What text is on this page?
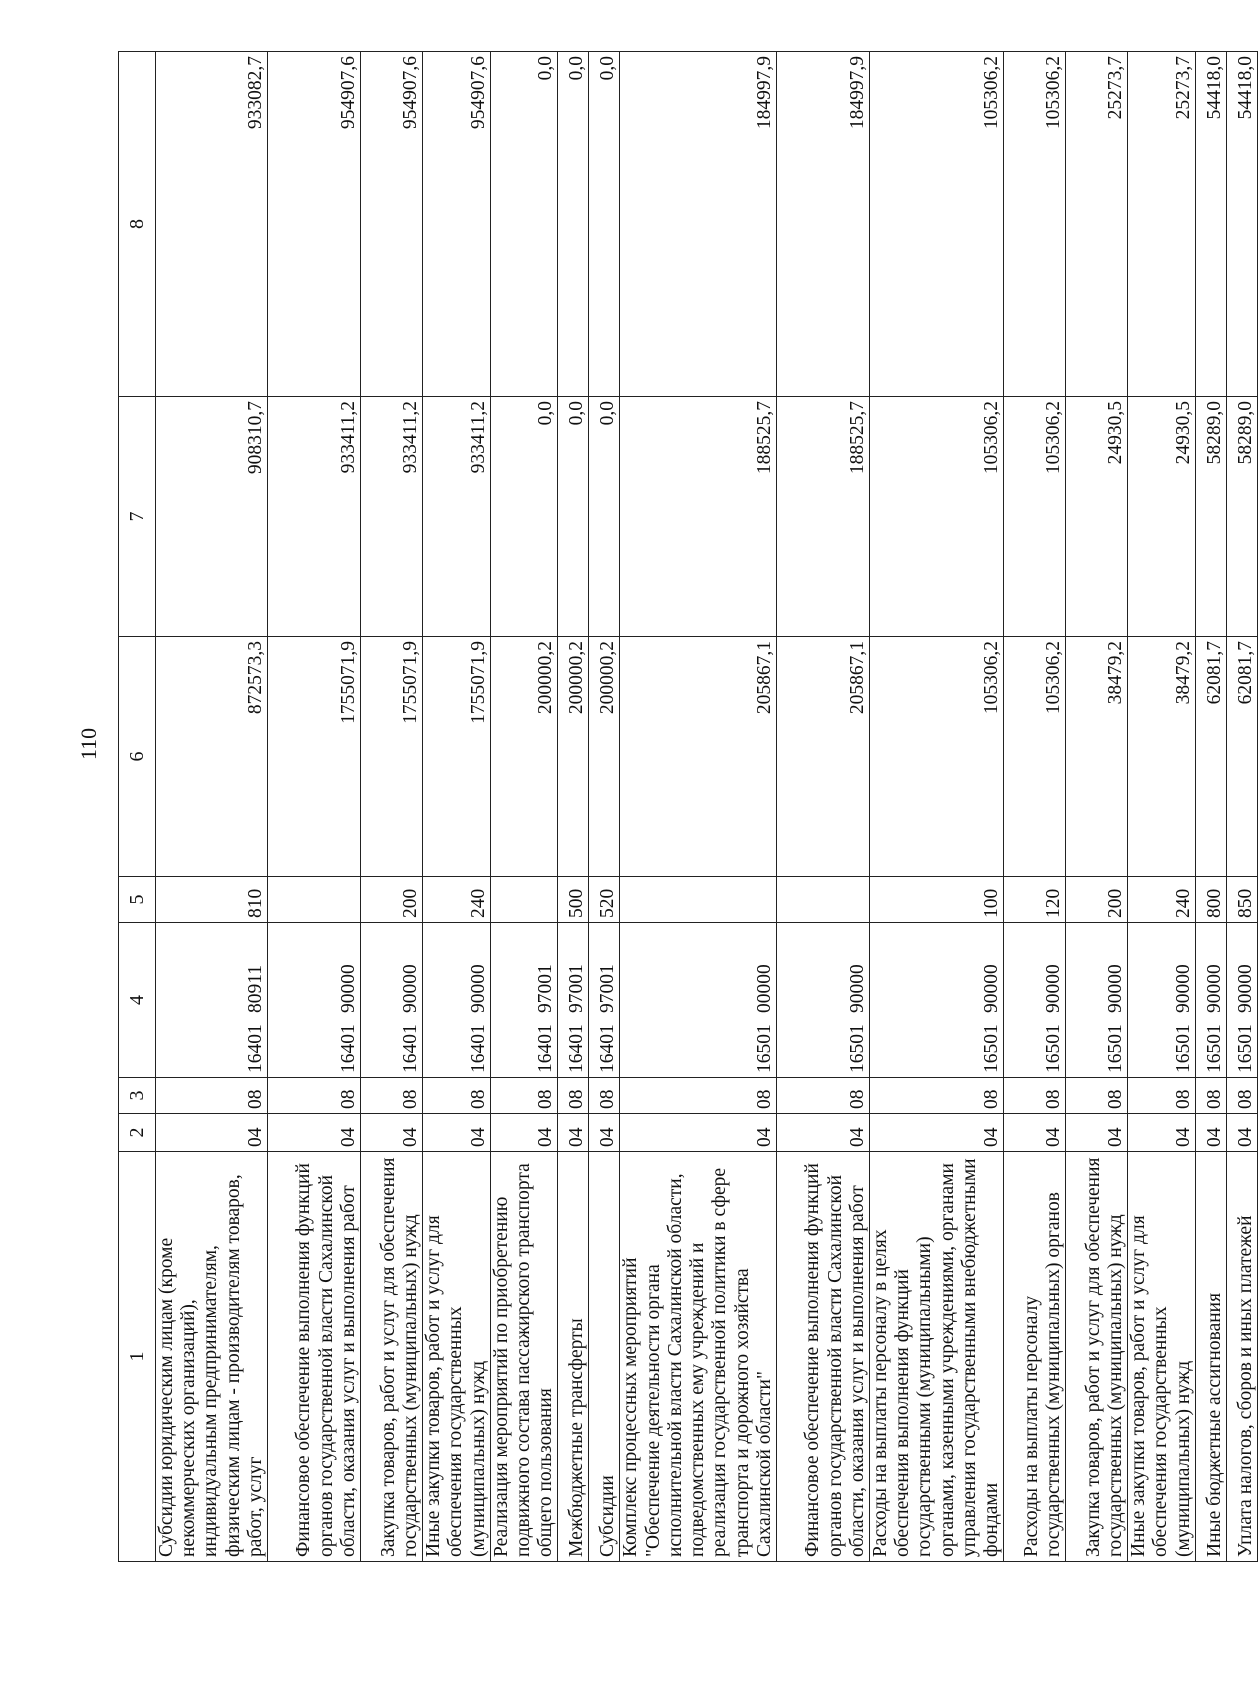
110
1	2	3	4	5	6	7	8
Субсидии юридическим лицам (кроме некоммерческих организаций), индивидуальным предпринимателям, физическим лицам - производителям товаров, работ, услуг	04	08	1640180911	810	872573,3	908310,7	933082,7
Финансовое обеспечение выполнения функций органов государственной власти Сахалинской области, оказания услуг и выполнения работ	04	08	1640190000		1755071,9	933411,2	954907,6
Закупка товаров, работ и услуг для обеспечения государственных (муниципальных) нужд	04	08	1640190000	200	1755071,9	933411,2	954907,6
Иные закупки товаров, работ и услуг для обеспечения государственных (муниципальных) нужд	04	08	1640190000	240	1755071,9	933411,2	954907,6
Реализация мероприятий по приобретению подвижного состава пассажирского транспорта общего пользования	04	08	1640197001		200000,2	0,0	0,0
Межбюджетные трансферты	04	08	1640197001	500	200000,2	0,0	0,0
Субсидии	04	08	1640197001	520	200000,2	0,0	0,0
Комплекс процессных мероприятий "Обеспечение деятельности органа исполнительной власти Сахалинской области, подведомственных ему учреждений и реализация государственной политики в сфере транспорта и дорожного хозяйства Сахалинской области"	04	08	1650100000		205867,1	188525,7	184997,9
Финансовое обеспечение выполнения функций органов государственной власти Сахалинской области, оказания услуг и выполнения работ	04	08	1650190000		205867,1	188525,7	184997,9
Расходы на выплаты персоналу в целях обеспечения выполнения функций государственными (муниципальными) органами, казенными учреждениями, органами управления государственными внебюджетными фондами	04	08	1650190000	100	105306,2	105306,2	105306,2
Расходы на выплаты персоналу государственных (муниципальных) органов	04	08	1650190000	120	105306,2	105306,2	105306,2
Закупка товаров, работ и услуг для обеспечения государственных (муниципальных) нужд	04	08	1650190000	200	38479,2	24930,5	25273,7
Иные закупки товаров, работ и услуг для обеспечения государственных (муниципальных) нужд	04	08	1650190000	240	38479,2	24930,5	25273,7
Иные бюджетные ассигнования	04	08	1650190000	800	62081,7	58289,0	54418,0
Уплата налогов, сборов и иных платежей	04	08	1650190000	850	62081,7	58289,0	54418,0
